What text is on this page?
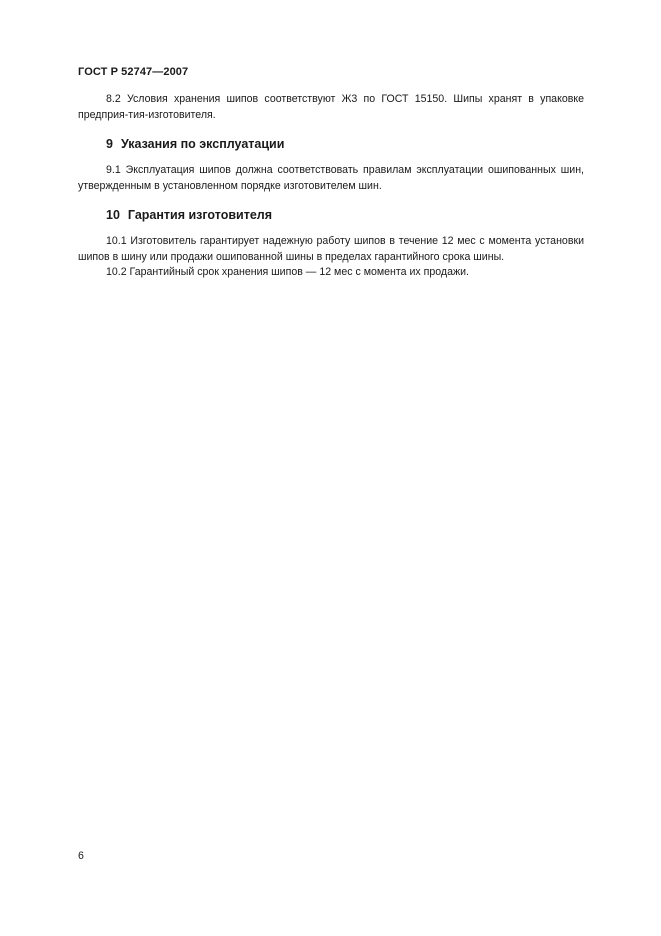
ГОСТ Р 52747—2007

8.2 Условия хранения шипов соответствуют Ж3 по ГОСТ 15150. Шипы хранят в упаковке предприя-тия-изготовителя.

9 Указания по эксплуатации

9.1 Эксплуатация шипов должна соответствовать правилам эксплуатации ошипованных шин, утвержденным в установленном порядке изготовителем шин.

10 Гарантия изготовителя

10.1 Изготовитель гарантирует надежную работу шипов в течение 12 мес с момента установки шипов в шину или продажи ошипованной шины в пределах гарантийного срока шины.

10.2 Гарантийный срок хранения шипов — 12 мес с момента их продажи.

6
